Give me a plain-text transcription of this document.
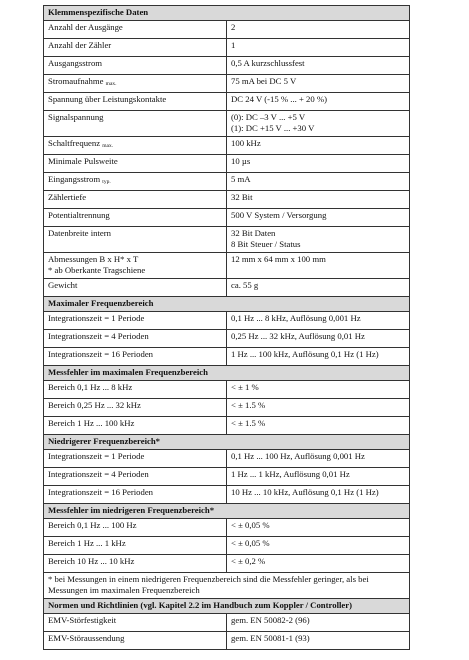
Klemmenspezifische Daten	
Anzahl der Ausgänge	2
Anzahl der Zähler	1
Ausgangsstrom	0,5 A kurzschlussfest
Stromaufnahme max.	75 mA bei DC 5 V
Spannung über Leistungskontakte	DC 24 V (-15 % ... + 20 %)
Signalspannung	(0): DC –3 V ... +5 V
(1): DC +15 V ... +30 V

Schaltfrequenz max.	100 kHz
Minimale Pulsweite	10 µs
Eingangsstrom typ.	5 mA
Zählertiefe	32 Bit
Potentialtrennung	500 V System / Versorgung
Datenbreite intern	32 Bit Daten
8 Bit Steuer / Status

Abmessungen B x H* x T
* ab Oberkante Tragschiene	12 mm x 64 mm x 100 mm
Gewicht	ca. 55 g
Maximaler Frequenzbereich	
Integrationszeit = 1 Periode	0,1 Hz ... 8 kHz, Auflösung 0,001 Hz
Integrationszeit = 4 Perioden	0,25 Hz ... 32 kHz, Auflösung 0,01 Hz
Integrationszeit = 16 Perioden	1 Hz ... 100 kHz, Auflösung 0,1 Hz (1 Hz)
Messfehler im maximalen Frequenzbereich	
Bereich 0,1 Hz ... 8 kHz	< ± 1 %
Bereich 0,25 Hz ... 32 kHz	< ± 1.5 %
Bereich 1 Hz ... 100 kHz	< ± 1.5 %
Niedrigerer Frequenzbereich*	
Integrationszeit = 1 Periode	0,1 Hz ... 100 Hz, Auflösung 0,001 Hz
Integrationszeit = 4 Perioden	1 Hz ... 1 kHz, Auflösung 0,01 Hz
Integrationszeit = 16 Perioden	10 Hz ... 10 kHz, Auflösung 0,1 Hz (1 Hz)
Messfehler im niedrigeren Frequenzbereich*	
Bereich 0,1 Hz ... 100 Hz	< ± 0,05 %
Bereich 1 Hz ... 1 kHz	< ± 0,05 %
Bereich 10 Hz ... 10 kHz	< ± 0,2 %
* bei Messungen in einem niedrigeren Frequenzbereich sind die Messfehler geringer, als bei Messungen im maximalen Frequenzbereich	
Normen und Richtlinien (vgl. Kapitel 2.2 im Handbuch zum Koppler / Controller)	
EMV-Störfestigkeit	gem. EN 50082-2 (96)
EMV-Störaussendung	gem. EN 50081-1 (93)
